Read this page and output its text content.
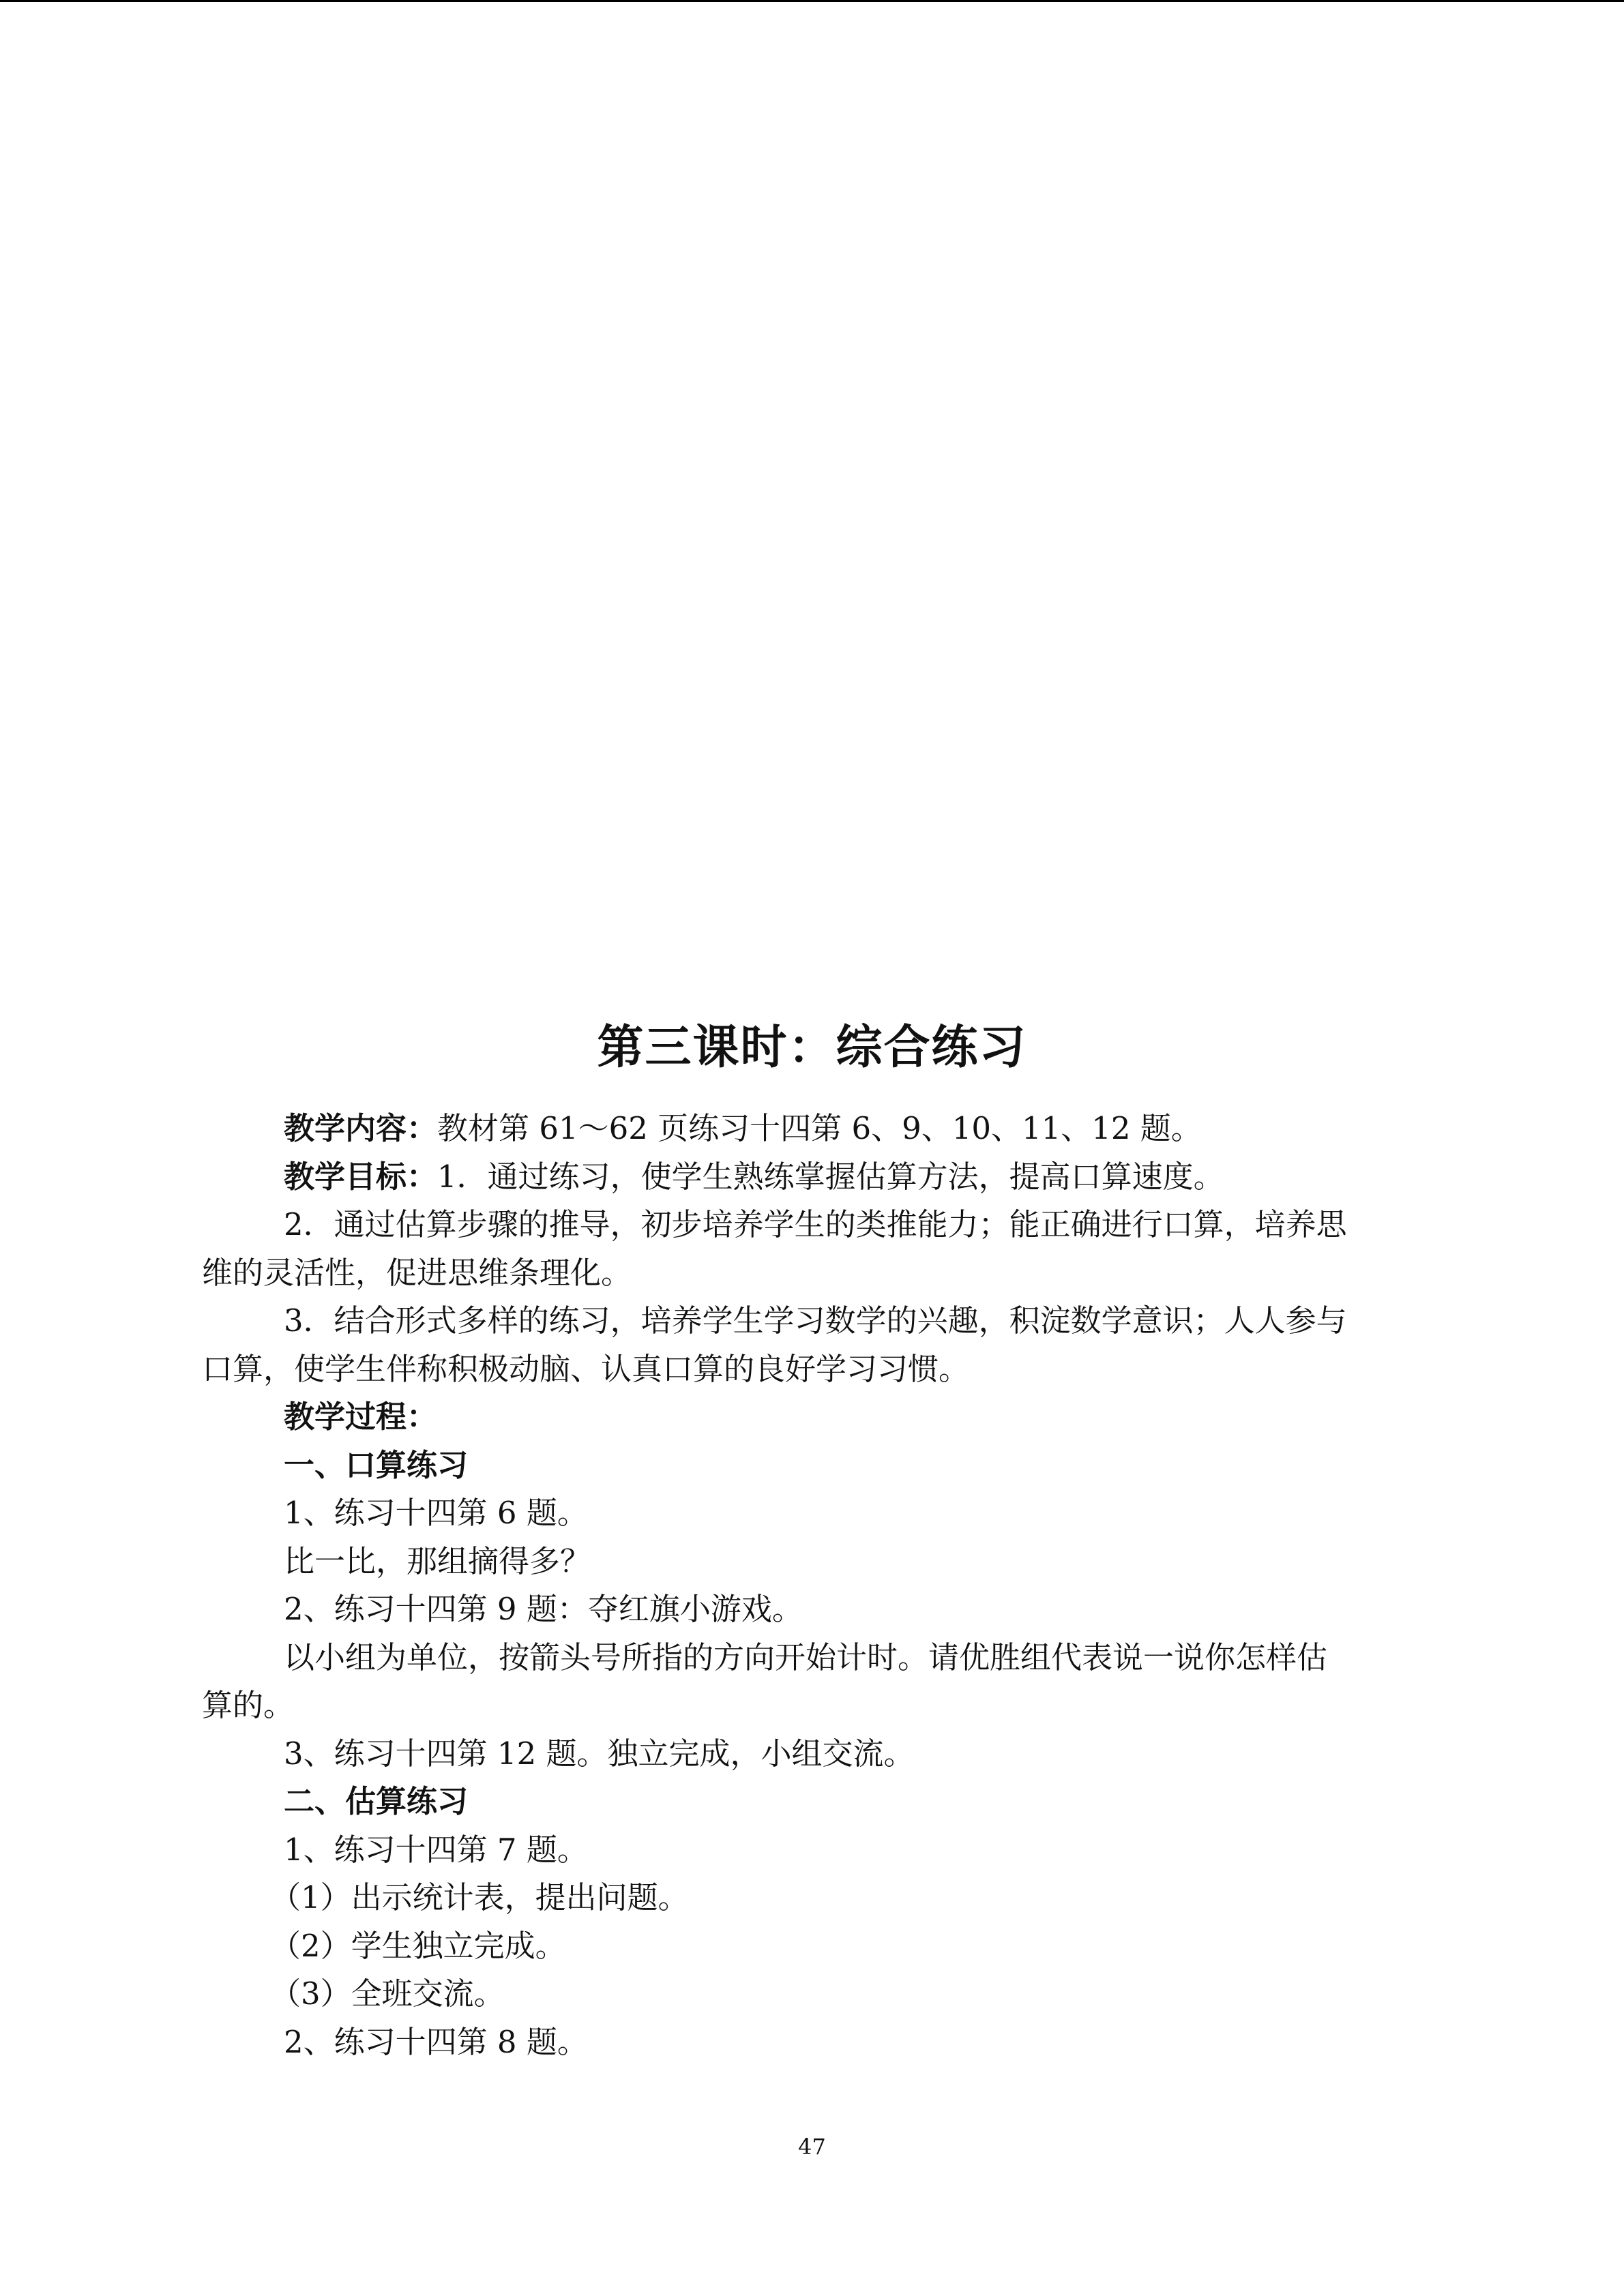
第三课时：综合练习

教学内容：教材第 61～62 页练习十四第 6、9、10、11、12 题。

教学目标：1．通过练习，使学生熟练掌握估算方法，提高口算速度。

2．通过估算步骤的推导，初步培养学生的类推能力；能正确进行口算，培养思

维的灵活性，促进思维条理化。

3．结合形式多样的练习，培养学生学习数学的兴趣，积淀数学意识；人人参与

口算，使学生伴称积极动脑、认真口算的良好学习习惯。

教学过程：

一、口算练习

1、练习十四第 6 题。

比一比，那组摘得多？

2、练习十四第 9 题：夺红旗小游戏。

以小组为单位，按箭头号所指的方向开始计时。请优胜组代表说一说你怎样估

算的。

3、练习十四第 12 题。独立完成，小组交流。

二、估算练习

1、练习十四第 7 题。

（1）出示统计表，提出问题。

（2）学生独立完成。

（3）全班交流。

2、练习十四第 8 题。

47
